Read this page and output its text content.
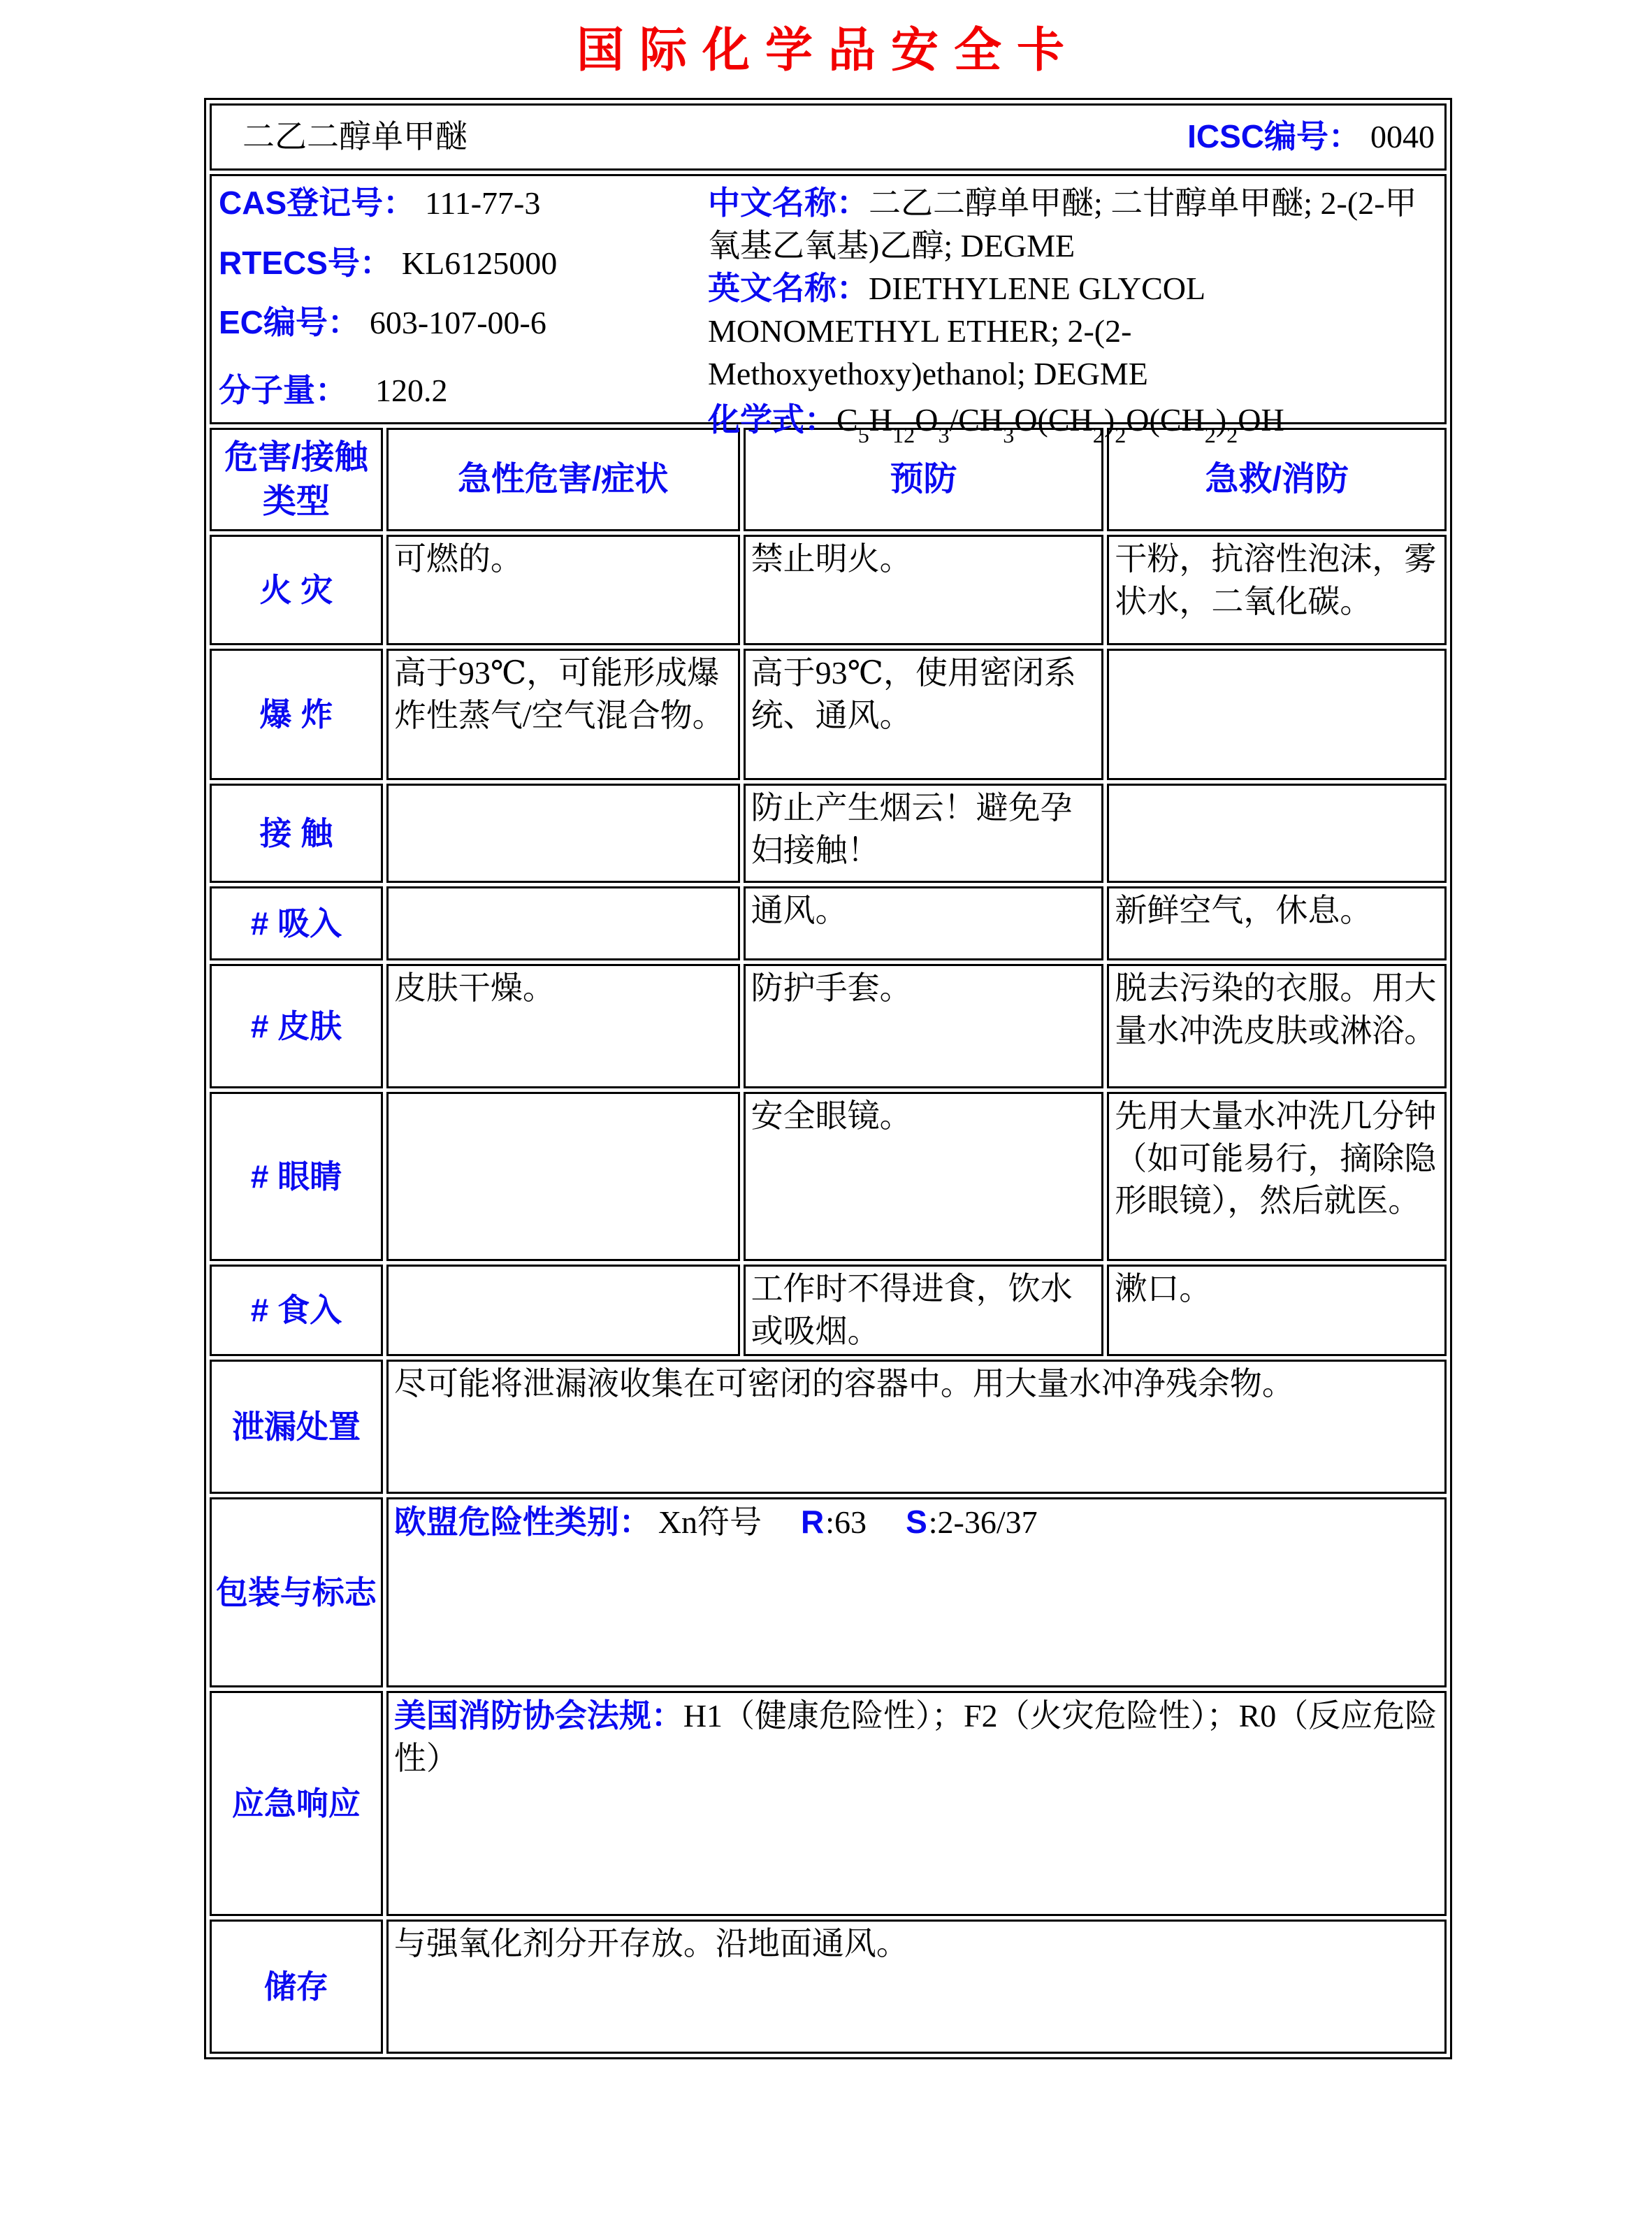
国际化学品安全卡
二乙二醇单甲醚 ICSC编号： 0040			

CAS登记号： 111-77-3
RTECS号： KL6125000
EC编号： 603-107-00-6
分子量： 120.2
中文名称：二乙二醇单甲醚; 二甘醇单甲醚; 2-(2-甲氧基乙氧基)乙醇; DEGME
英文名称：DIETHYLENE GLYCOL MONOMETHYL ETHER; 2-(2-Methoxyethoxy)ethanol; DEGME
化学式：$C_5H_{12}O_3/CH_3O(CH_2)_2O(CH_2)_2OH$

危害/接触 类型	急性危害/症状	预防	急救/消防
火 灾	可燃的。	禁止明火。	干粉，抗溶性泡沫，雾状水，二氧化碳。
爆 炸	高于93℃，可能形成爆炸性蒸气/空气混合物。	高于93℃，使用密闭系统、通风。	
接 触		防止产生烟云！避免孕妇接触！	
# 吸入		通风。	新鲜空气，休息。
# 皮肤	皮肤干燥。	防护手套。	脱去污染的衣服。用大量水冲洗皮肤或淋浴。
# 眼睛		安全眼镜。	先用大量水冲洗几分钟（如可能易行，摘除隐形眼镜），然后就医。
# 食入		工作时不得进食，饮水或吸烟。	漱口。
泄漏处置	尽可能将泄漏液收集在可密闭的容器中。用大量水冲净残余物。		
包装与标志	欧盟危险性类别： Xn符号 R:63 S:2-36/37		

应急响应	美国消防协会法规：H1（健康危险性）；F2（火灾危险性）；R0（反应危险性）		
储存	与强氧化剂分开存放。沿地面通风。		
